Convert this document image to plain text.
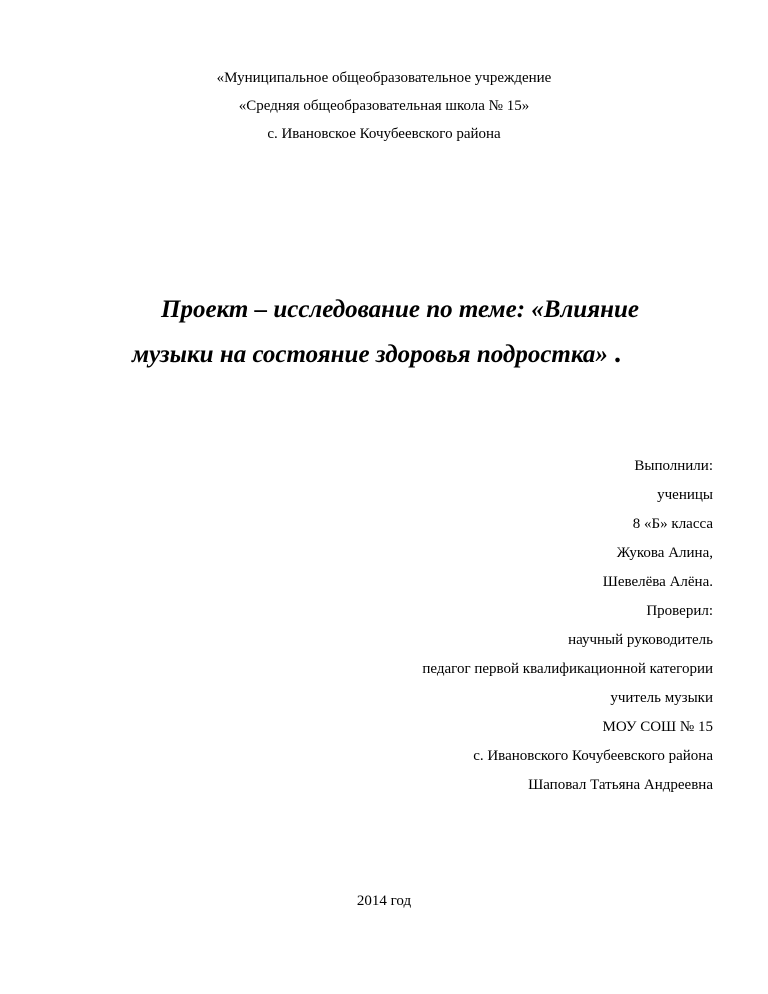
«Муниципальное общеобразовательное учреждение
«Средняя общеобразовательная школа № 15»
с. Ивановское Кочубеевского района
Проект – исследование по теме: «Влияние
музыки на состояние здоровья подростка» .
Выполнили:
ученицы
8 «Б» класса
Жукова Алина,
Шевелёва Алёна.
Проверил:
научный руководитель
педагог первой квалификационной категории
учитель музыки
МОУ СОШ № 15
с. Ивановского Кочубеевского района
Шаповал Татьяна Андреевна
2014 год
